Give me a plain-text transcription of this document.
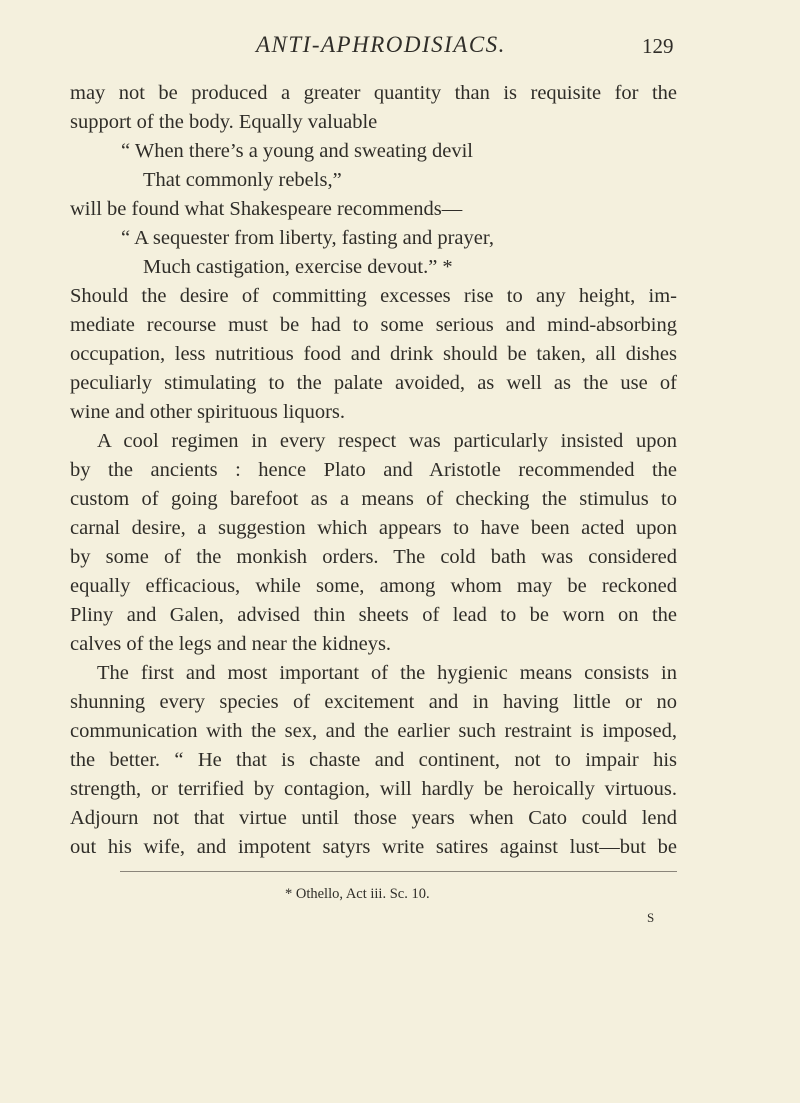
ANTI-APHRODISIACS.	129
may not be produced a greater quantity than is requisite for the
support of the body. Equally valuable
“ When there’s a young and sweating devil
That commonly rebels,”
will be found what Shakespeare recommends—
“ A sequester from liberty, fasting and prayer,
Much castigation, exercise devout.” *
Should the desire of committing excesses rise to any height, im-
mediate recourse must be had to some serious and mind-absorbing
occupation, less nutritious food and drink should be taken, all dishes
peculiarly stimulating to the palate avoided, as well as the use of
wine and other spirituous liquors.
A cool regimen in every respect was particularly insisted upon
by the ancients : hence Plato and Aristotle recommended the
custom of going barefoot as a means of checking the stimulus to
carnal desire, a suggestion which appears to have been acted upon
by some of the monkish orders. The cold bath was considered
equally efficacious, while some, among whom may be reckoned
Pliny and Galen, advised thin sheets of lead to be worn on the
calves of the legs and near the kidneys.
The first and most important of the hygienic means consists in
shunning every species of excitement and in having little or no
communication with the sex, and the earlier such restraint is imposed,
the better. “ He that is chaste and continent, not to impair his
strength, or terrified by contagion, will hardly be heroically virtuous.
Adjourn not that virtue until those years when Cato could lend
out his wife, and impotent satyrs write satires against lust—but be
* Othello, Act iii. Sc. 10.
S
